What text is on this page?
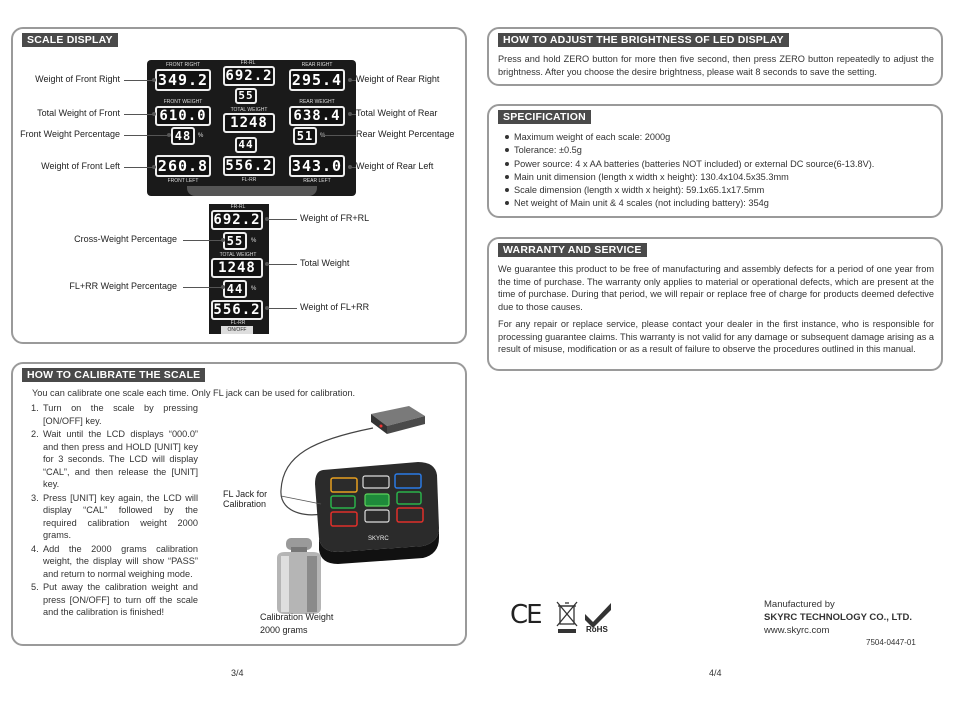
SCALE DISPLAY
FRONT RIGHT
349.2
FRONT WEIGHT
610.0
48	%
260.8
FRONT LEFT
FR-RL
692.2
55
TOTAL WEIGHT
1248
44
556.2
FL-RR
REAR RIGHT
295.4
REAR WEIGHT
638.4
51
343.0
REAR LEFT
FR-RL
692.2
55	%
TOTAL WEIGHT
1248
44	%
556.2
FL-RR
ON/OFF
Weight of Front Right
Total Weight of Front
Front Weight Percentage
Weight of Front Left
Weight of Rear Right
Total Weight of Rear
Rear Weight Percentage
Weight of Rear Left
Weight of FR+RL
Cross-Weight Percentage
Total Weight
FL+RR Weight Percentage
Weight of FL+RR
HOW TO CALIBRATE THE SCALE
You can calibrate one scale each time. Only FL jack can be used for calibration.
1. Turn on the scale by pressing [ON/OFF] key.
2. Wait until the LCD displays “000.0” and then press and HOLD [UNIT] key for 3 seconds. The LCD will display “CAL”, and then release the [UNIT] key.
3. Press [UNIT] key again, the LCD will display “CAL” followed by the required calibration weight 2000 grams.
4. Add the 2000 grams calibration weight, the display will show “PASS” and return to normal weighing mode.
5. Put away the calibration weight and press [ON/OFF] to turn off the scale and the calibration is finished!
SKYRC
FL Jack for
Calibration
Calibration Weight
2000 grams
3/4
HOW TO ADJUST THE BRIGHTNESS OF LED DISPLAY
Press and hold ZERO button for more then five second, then press ZERO button repeatedly to adjust the brightness. After you choose the desire brightness, please wait 8 seconds to save the setting.
SPECIFICATION
Maximum weight of each scale: 2000g
Tolerance: ±0.5g
Power source: 4 x AA batteries (batteries NOT included) or external DC source(6-13.8V).
Main unit dimension (length x width x height): 130.4x104.5x35.3mm
Scale dimension (length x width x height): 59.1x65.1x17.5mm
Net weight of Main unit & 4 scales (not including battery): 354g
WARRANTY AND SERVICE
We guarantee this product to be free of manufacturing and assembly defects for a period of one year from the time of purchase. The warranty only applies to material or operational defects, which are present at the time of purchase. During that period, we will repair or replace free of charge for products deemed defective due to those causes.
For any repair or replace service, please contact your dealer in the first instance, who is responsible for processing guarantee claims. This warranty is not valid for any damage or subsequent damage arising as a result of misuse, modification or as a result of failure to observe the procedures outlined in this manual.
CE	RoHS
Manufactured by
SKYRC TECHNOLOGY CO., LTD.
www.skyrc.com
7504-0447-01
4/4
